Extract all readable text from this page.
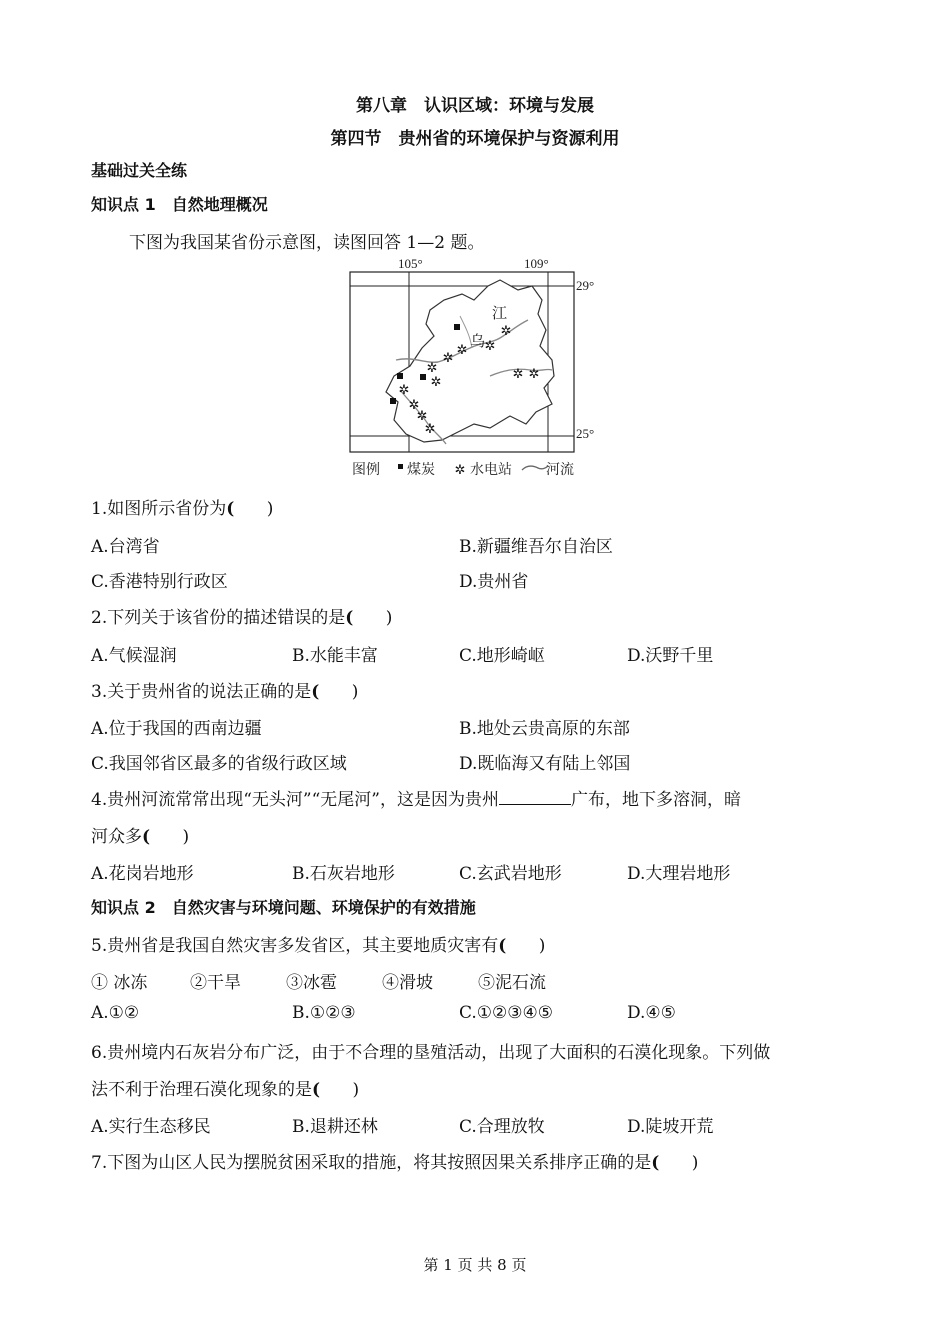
第八章　认识区域：环境与发展
第四节　贵州省的环境保护与资源利用
基础过关全练
知识点 1　自然地理概况
下图为我国某省份示意图，读图回答 1—2 题。
105°	109°
29°
25°
江
乌
✲
✲
✲
✲
✲
✲
✲
✲
✲
✲
✲ ✲
图例 煤炭 ✲ 水电站 河流
1.如图所示省份为( )
A.台湾省	B.新疆维吾尔自治区
C.香港特别行政区	D.贵州省
2.下列关于该省份的描述错误的是( )
A.气候湿润	B.水能丰富	C.地形崎岖	D.沃野千里
3.关于贵州省的说法正确的是( )
A.位于我国的西南边疆	B.地处云贵高原的东部
C.我国邻省区最多的省级行政区域	D.既临海又有陆上邻国
4.贵州河流常常出现“无头河”“无尾河”，这是因为贵州	广布，地下多溶洞，暗
河众多( )
A.花岗岩地形	B.石灰岩地形	C.玄武岩地形	D.大理岩地形
知识点 2　自然灾害与环境问题、环境保护的有效措施
5.贵州省是我国自然灾害多发省区，其主要地质灾害有( )
① 冰冻	②干旱	③冰雹	④滑坡	⑤泥石流
A.①②	B.①②③	C.①②③④⑤	D.④⑤
6.贵州境内石灰岩分布广泛，由于不合理的垦殖活动，出现了大面积的石漠化现象。下列做
法不利于治理石漠化现象的是( )
A.实行生态移民	B.退耕还林	C.合理放牧	D.陡坡开荒
7.下图为山区人民为摆脱贫困采取的措施，将其按照因果关系排序正确的是( )
第 1 页 共 8 页
